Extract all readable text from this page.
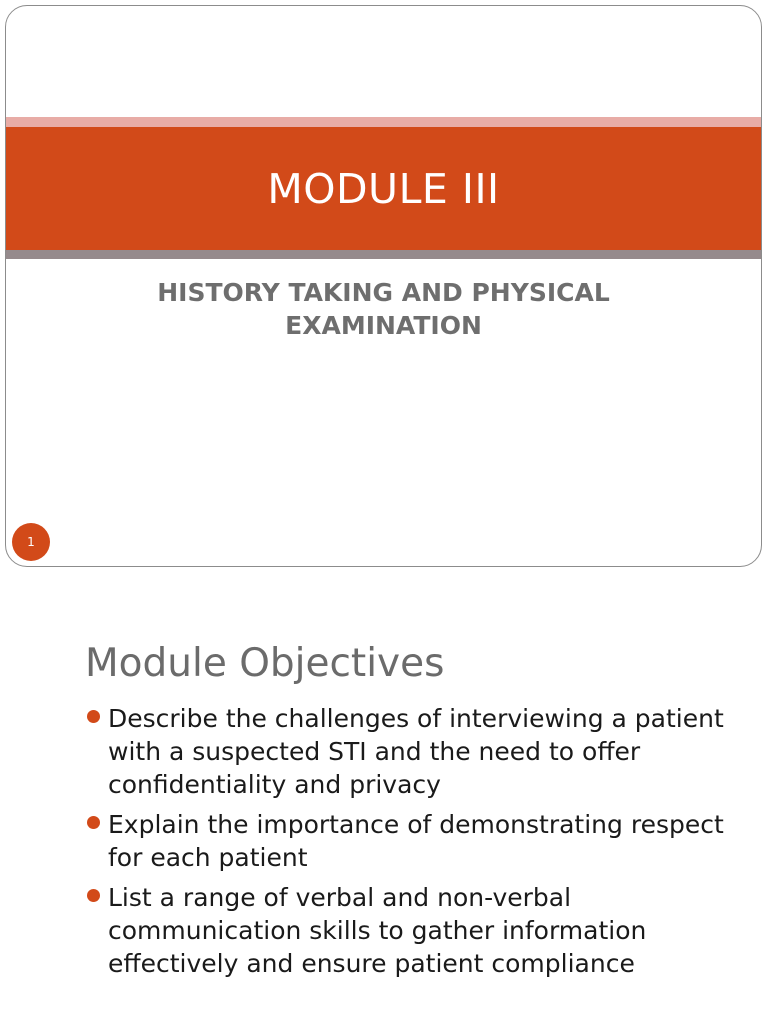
MODULE III
HISTORY TAKING AND PHYSICAL
EXAMINATION
1
Module Objectives
Describe the challenges of interviewing a patient with a suspected STI and the need to offer confidentiality and privacy
Explain the importance of demonstrating respect for each patient
List a range of verbal and non-verbal communication skills to gather information effectively and ensure patient compliance
